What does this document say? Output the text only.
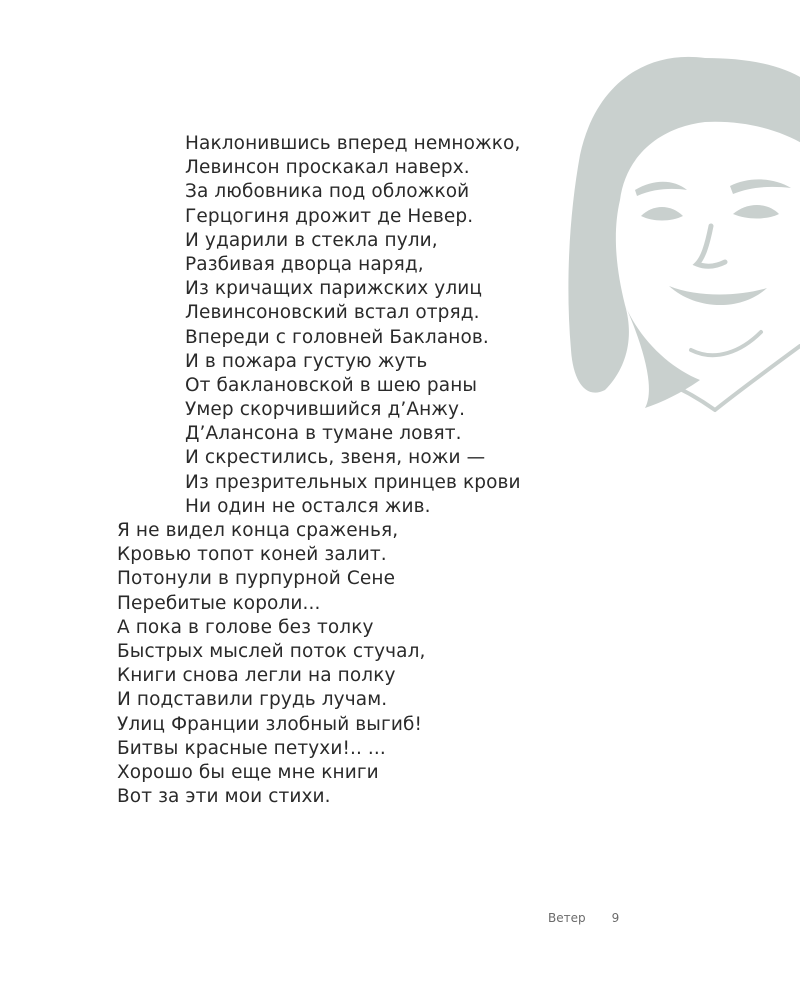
Наклонившись вперед немножко,
Левинсон проскакал наверх.
За любовника под обложкой
Герцогиня дрожит де Невер.
И ударили в стекла пули,
Разбивая дворца наряд,
Из кричащих парижских улиц
Левинсоновский встал отряд.
Впереди с головней Бакланов.
И в пожара густую жуть
От баклановской в шею раны
Умер скорчившийся д’Анжу.
Д’Алансона в тумане ловят.
И скрестились, звеня, ножи —
Из презрительных принцев крови
Ни один не остался жив.
Я не видел конца сраженья,
Кровью топот коней залит.
Потонули в пурпурной Сене
Перебитые короли...
А пока в голове без толку
Быстрых мыслей поток стучал,
Книги снова легли на полку
И подставили грудь лучам.
Улиц Франции злобный выгиб!
Битвы красные петухи!.. ...
Хорошо бы еще мне книги
Вот за эти мои стихи.
Ветер 9
